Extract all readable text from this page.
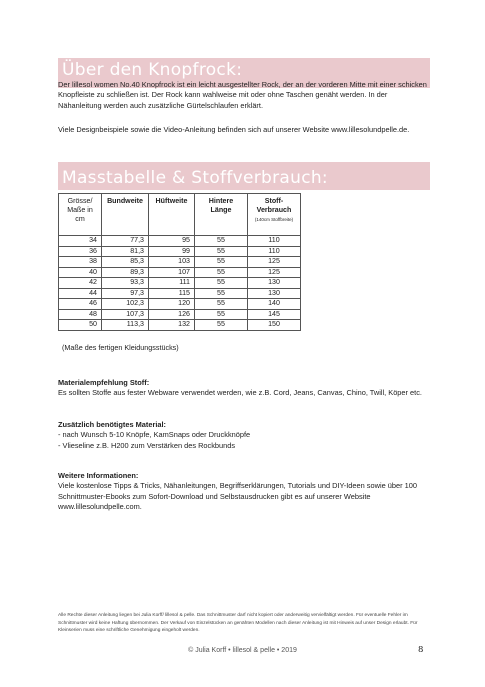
Über den Knopfrock:

Der lillesol women No.40 Knopfrock ist ein leicht ausgestellter Rock, der an der vorderen Mitte mit einer schicken Knopfleiste zu schließen ist. Der Rock kann wahlweise mit oder ohne Taschen genäht werden. In der Nähanleitung werden auch zusätzliche Gürtelschlaufen erklärt.

Viele Designbeispiele sowie die Video-Anleitung befinden sich auf unserer Website www.lillesolundpelle.de.

Masstabelle & Stoffverbrauch:
Grösse/ Maße in cm	Bundweite	Hüftweite	Hintere Länge	Stoff-Verbrauch
(140cm Stoffbreite)

34	77,3	95	55	110
36	81,3	99	55	110
38	85,3	103	55	125
40	89,3	107	55	125
42	93,3	111	55	130
44	97,3	115	55	130
46	102,3	120	55	140
48	107,3	126	55	145
50	113,3	132	55	150
(Maße des fertigen Kleidungsstücks)
Materialempfehlung Stoff:
Es sollten Stoffe aus fester Webware verwendet werden, wie z.B. Cord, Jeans, Canvas, Chino, Twill, Köper etc.
Zusätzlich benötigtes Material:
- nach Wunsch 5-10 Knöpfe, KamSnaps oder Druckknöpfe
- Vlieseline z.B. H200 zum Verstärken des Rockbunds
Weitere Informationen:
Viele kostenlose Tipps & Tricks, Nähanleitungen, Begriffserklärungen, Tutorials und DIY-Ideen sowie über 100 Schnittmuster-Ebooks zum Sofort-Download und Selbstausdrucken gibt es auf unserer Website www.lillesolundpelle.com.

Alle Rechte dieser Anleitung liegen bei Julia Korff/ lillesol & pelle. Das Schnittmuster darf nicht kopiert oder anderweitig vervielfältigt werden. Für eventuelle Fehler im Schnittmuster wird keine Haftung übernommen. Der Verkauf von Einzelstücken an genähten Modellen nach dieser Anleitung ist mit Hinweis auf unser Design erlaubt. Für Kleinserien muss eine schriftliche Genehmigung eingeholt werden.

© Julia Korff • lillesol & pelle • 2019	8
